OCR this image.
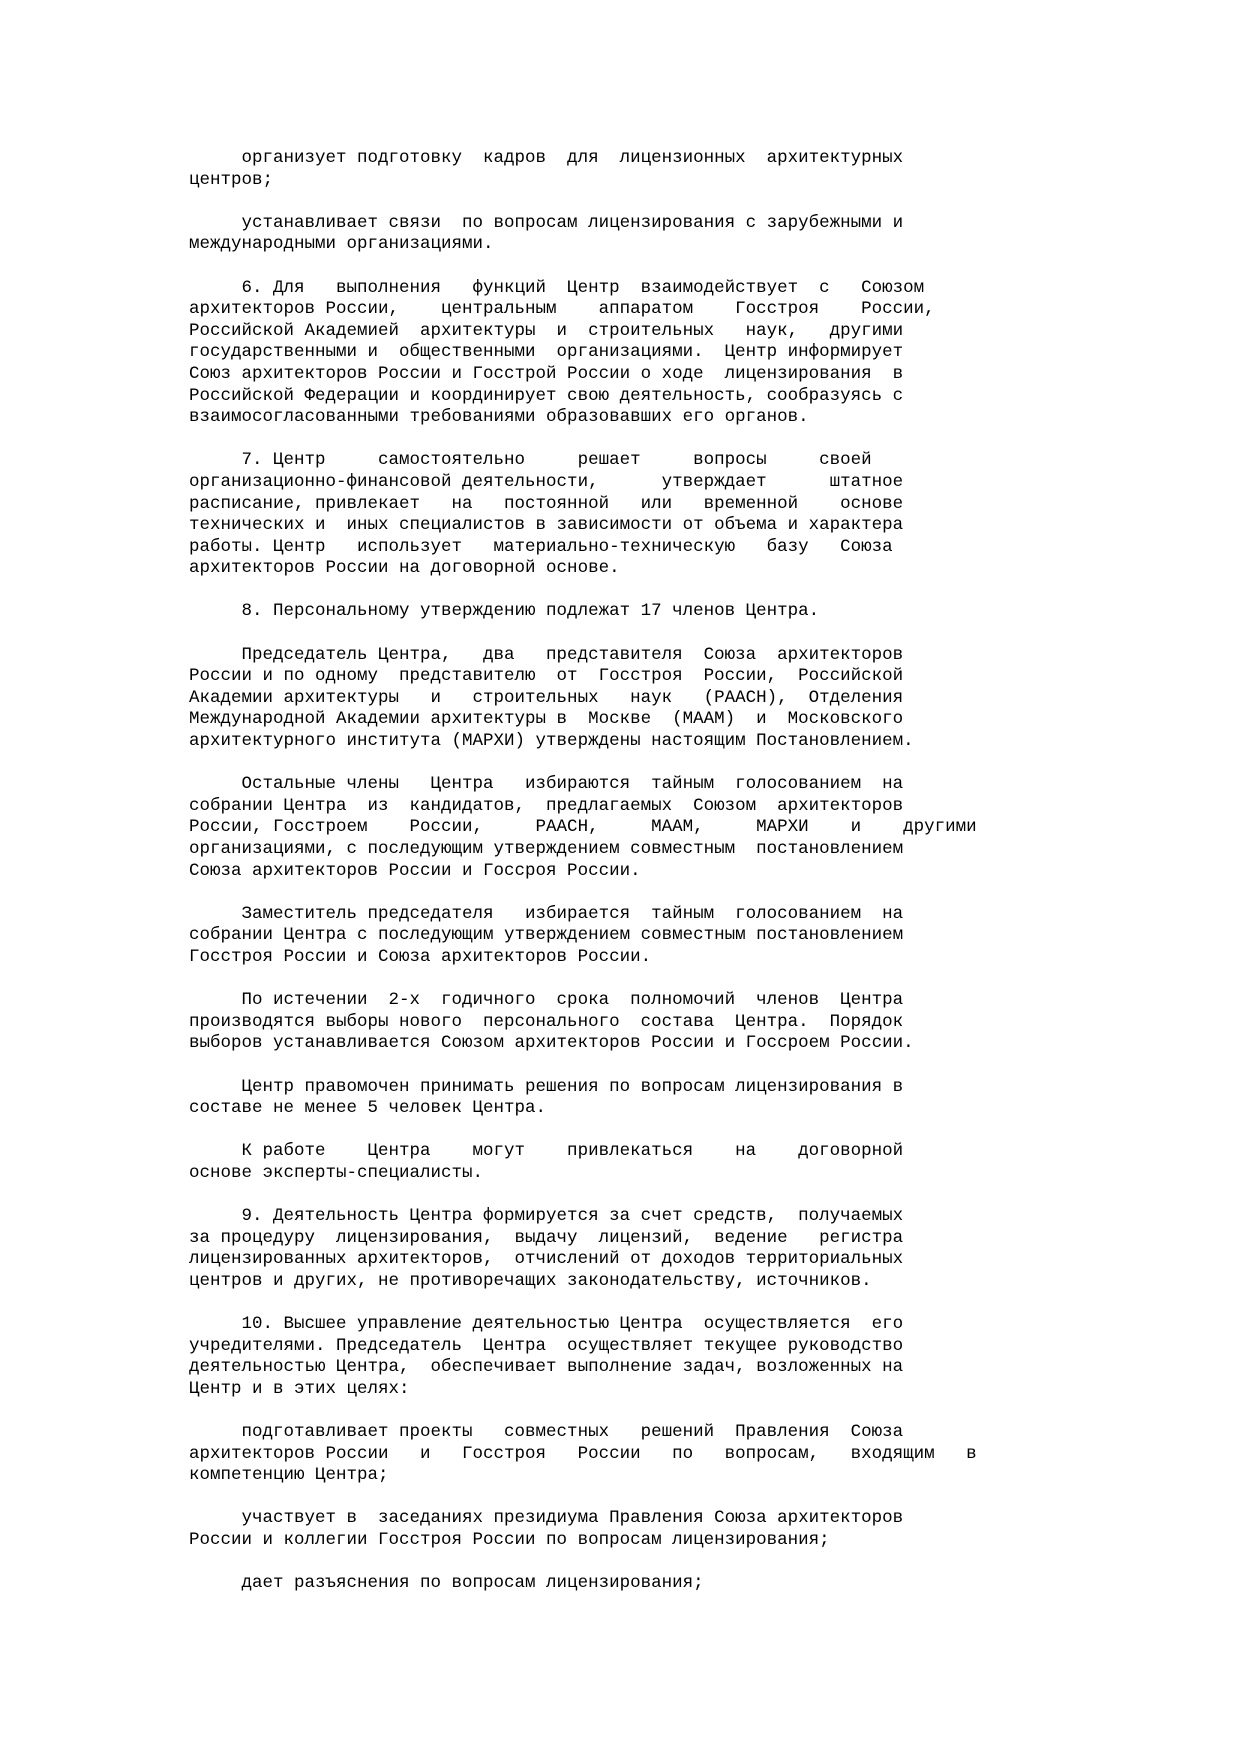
организует подготовку  кадров  для  лицензионных  архитектурных
центров;
устанавливает связи  по вопросам лицензирования с зарубежными и
международными организациями.
6. Для   выполнения   функций  Центр  взаимодействует  с   Союзом
архитекторов России,    центральным    аппаратом    Госстроя    России,
Российской Академией  архитектуры  и  строительных   наук,   другими
государственными и  общественными  организациями.  Центр информирует
Союз архитекторов России и Госстрой России о ходе  лицензирования  в
Российской Федерации и координирует свою деятельность, сообразуясь с
взаимосогласованными требованиями образовавших его органов.
7. Центр     самостоятельно     решает     вопросы     своей
организационно-финансовой деятельности,      утверждает      штатное
расписание, привлекает   на   постоянной   или   временной    основе
технических и  иных специалистов в зависимости от объема и характера
работы. Центр   использует   материально-техническую   базу   Союза
архитекторов России на договорной основе.
8. Персональному утверждению подлежат 17 членов Центра.
Председатель Центра,   два   представителя  Союза  архитекторов
России и по одному  представителю  от  Госстроя  России,  Российской
Академии архитектуры   и   строительных   наук   (РААСН),  Отделения
Международной Академии архитектуры в  Москве  (МААМ)  и  Московского
архитектурного института (МАРХИ) утверждены настоящим Постановлением.
Остальные члены   Центра   избираются  тайным  голосованием  на
собрании Центра  из  кандидатов,  предлагаемых  Союзом  архитекторов
России, Госстроем    России,     РААСН,     МААМ,     МАРХИ    и    другими
организациями, с последующим утверждением совместным  постановлением
Союза архитекторов России и Госсроя России.
Заместитель председателя   избирается  тайным  голосованием  на
собрании Центра с последующим утверждением совместным постановлением
Госстроя России и Союза архитекторов России.
По истечении  2-х  годичного  срока  полномочий  членов  Центра
производятся выборы нового  персонального  состава  Центра.  Порядок
выборов устанавливается Союзом архитекторов России и Госсроем России.
Центр правомочен принимать решения по вопросам лицензирования в
составе не менее 5 человек Центра.
К работе    Центра    могут    привлекаться    на    договорной
основе эксперты-специалисты.
9. Деятельность Центра формируется за счет средств,  получаемых
за процедуру  лицензирования,  выдачу  лицензий,  ведение   регистра
лицензированных архитекторов,  отчислений от доходов территориальных
центров и других, не противоречащих законодательству, источников.
10. Высшее управление деятельностью Центра  осуществляется  его
учредителями. Председатель  Центра  осуществляет текущее руководство
деятельностью Центра,  обеспечивает выполнение задач, возложенных на
Центр и в этих целях:
подготавливает проекты   совместных   решений  Правления  Союза
архитекторов России   и   Госстроя   России   по   вопросам,   входящим   в
компетенцию Центра;
участвует в  заседаниях президиума Правления Союза архитекторов
России и коллегии Госстроя России по вопросам лицензирования;
дает разъяснения по вопросам лицензирования;
